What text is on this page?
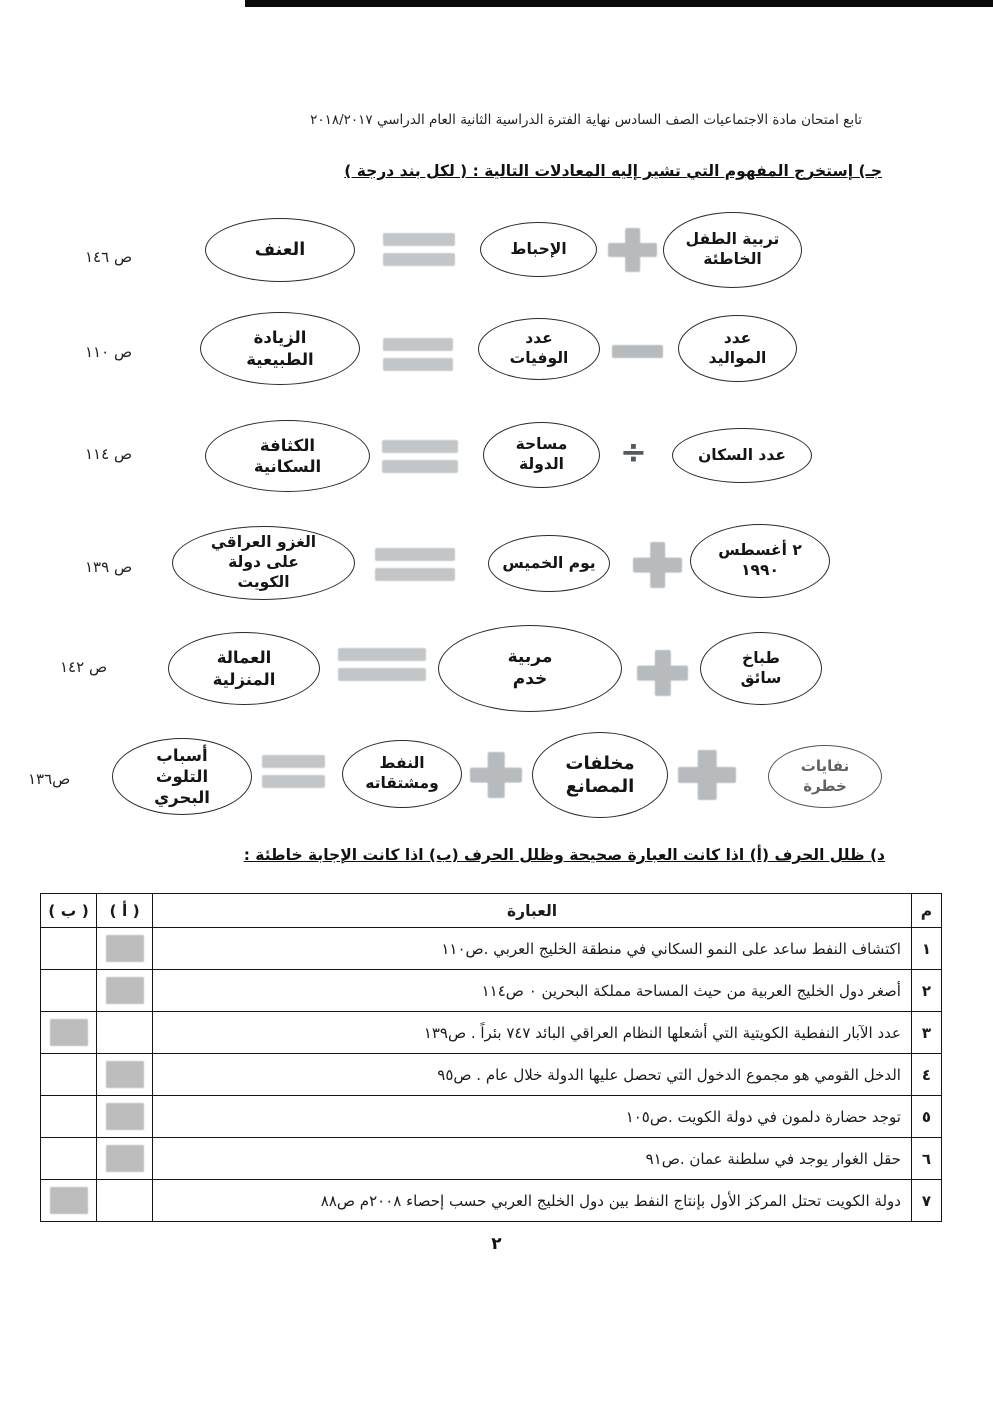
تابع امتحان مادة الاجتماعيات الصف السادس نهاية الفترة الدراسية الثانية العام الدراسي ٢٠١٨/٢٠١٧
جـ) إستخرج المفهوم التي تشير إليه المعادلات التالية : ( لكل بند درجة )
ص ١٤٦	العنف	الإحباط
تربية الطفل الخاطئة
ص ١١٠
الزيادة الطبيعية
عدد الوفيات
عدد المواليد
ص ١١٤	الكثافة السكانية
مساحة الدولة	÷	عدد السكان
ص ١٣٩
الغزو العراقي على دولة الكويت
يوم الخميس
٢ أغسطس ١٩٩٠
ص ١٤٢	العمالة المنزلية
مربية خدم
طباخ سائق
ص١٣٦
أسباب التلوث البحري
النفط ومشتقاته
مخلفات المصانع
نفايات خطرة
د) ظلل الحرف (أ) اذا كانت العبارة صحيحة وظلل الحرف (ب) اذا كانت الإجابة خاطئة :
م	العبارة	( أ )	( ب )
١	اكتشاف النفط ساعد على النمو السكاني في منطقة الخليج العربي .ص١١٠	

٢	أصغر دول الخليج العربية من حيث المساحة مملكة البحرين ٠ ص١١٤	

٣	عدد الآبار النفطية الكويتية التي أشعلها النظام العراقي البائد ٧٤٧ بئراً . ص١٣٩	

٤	الدخل القومي هو مجموع الدخول التي تحصل عليها الدولة خلال عام . ص٩٥	

٥	توجد حضارة دلمون في دولة الكويت .ص١٠٥	

٦	حقل الغوار يوجد في سلطنة عمان .ص٩١	

٧	دولة الكويت تحتل المركز الأول بإنتاج النفط بين دول الخليج العربي حسب إحصاء ٢٠٠٨م ص٨٨	

٢
